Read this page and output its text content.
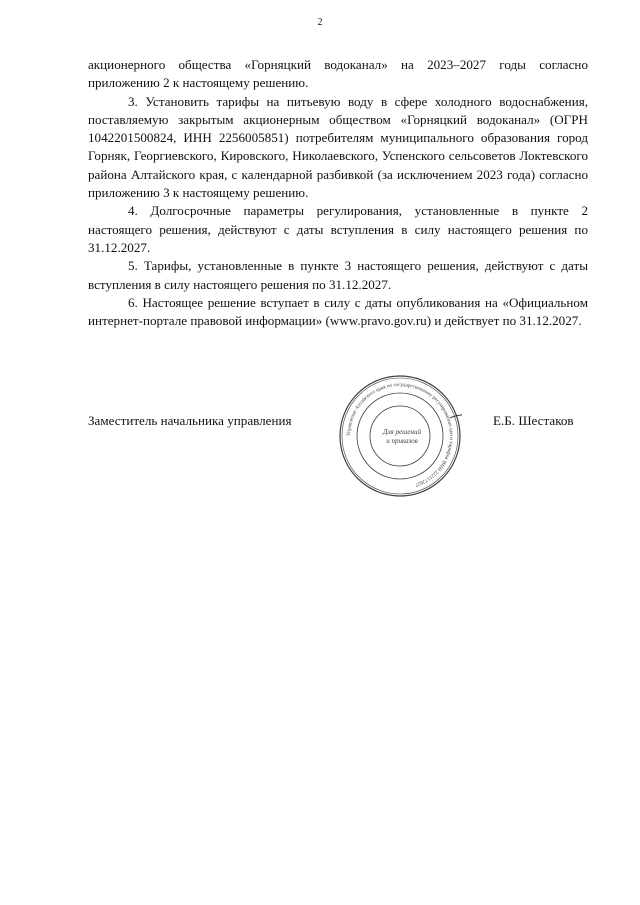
2

акционерного общества «Горняцкий водоканал» на 2023–2027 годы согласно приложению 2 к настоящему решению.

3. Установить тарифы на питьевую воду в сфере холодного водоснабжения, поставляемую закрытым акционерным обществом «Горняцкий водоканал» (ОГРН 1042201500824, ИНН 2256005851) потребителям муниципального образования город Горняк, Георгиевского, Кировского, Николаевского, Успенского сельсоветов Локтевского района Алтайского края, с календарной разбивкой (за исключением 2023 года) согласно приложению 3 к настоящему решению.

4. Долгосрочные параметры регулирования, установленные в пункте 2 настоящего решения, действуют с даты вступления в силу настоящего решения по 31.12.2027.

5. Тарифы, установленные в пункте 3 настоящего решения, действуют с даты вступления в силу настоящего решения по 31.12.2027.

6. Настоящее решение вступает в силу с даты опубликования на «Официальном интернет-портале правовой информации» (www.pravo.gov.ru) и действует по 31.12.2027.

Заместитель начальника управления	Е.Б. Шестаков
Управление Алтайского края по государственному регулированию цен и тарифов ИНН 2221172627
Для решений
и приказов
